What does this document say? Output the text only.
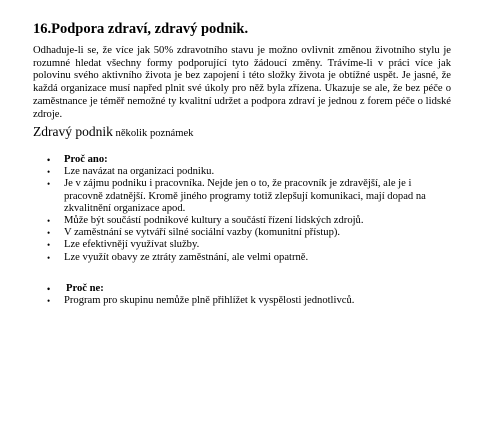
16.Podpora zdraví, zdravý podnik.

Odhaduje-li se, že více jak 50% zdravotního stavu je možno ovlivnit změnou životního stylu je rozumné hledat všechny formy podporující tyto žádoucí změny. Trávíme-li v práci více jak polovinu svého aktivního života je bez zapojení i této složky života je obtížné uspět. Je jasné, že každá organizace musí napřed plnit své úkoly pro něž byla zřízena. Ukazuje se ale, že bez péče o zaměstnance je téměř nemožné ty kvalitní udržet a podpora zdraví je jednou z forem péče o lidské zdroje.

Zdravý podnik několik poznámek

• Proč ano:
• Lze navázat na organizaci podniku.
• Je v zájmu podniku i pracovníka. Nejde jen o to, že pracovník je zdravější, ale je i pracovně zdatnější. Kromě jiného programy totiž zlepšují komunikaci, mají dopad na zkvalitnění organizace apod.
• Může být součástí podnikové kultury a součástí řízení lidských zdrojů.
• V zaměstnání se vytváří silné sociální vazby (komunitní přístup).
• Lze efektivnějí využívat služby.
• Lze využít obavy ze ztráty zaměstnání, ale velmi opatrně.
• Proč ne:
• Program pro skupinu nemůže plně přihlížet k vyspělosti jednotlivců.
